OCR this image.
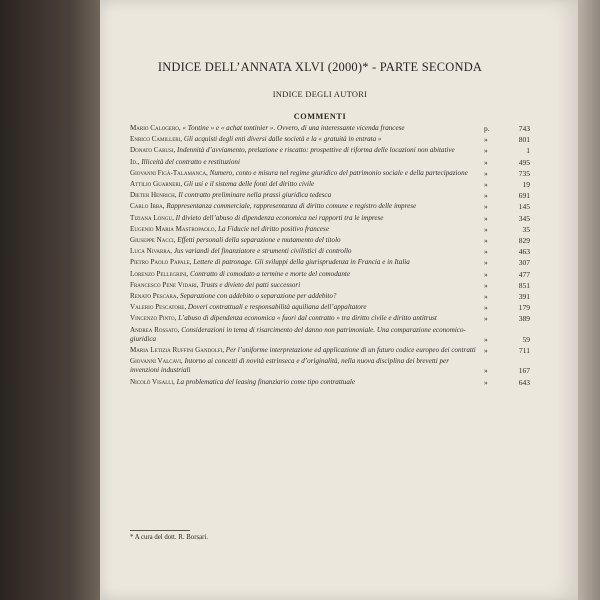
INDICE DELL’ANNATA XLVI (2000)* - PARTE SECONDA
INDICE DEGLI AUTORI
COMMENTI
Mario Calogero, « Tontine » e « achat tontinier ». Ovvero, di una interessante vicenda francese	p.	743
Enrico Camilleri, Gli acquisti degli enti diversi dalle società e la « gratuità in entrata »	»	801
Donato Carusi, Indennità d’avviamento, prelazione e riscatto: prospettive di riforma delle locazioni non abitative	»	1
Id., Illiceità del contratto e restituzioni	»	495
Giovanni Figà-Talamanca, Numero, conto e misura nel regime giuridico del patrimonio sociale e della partecipazione	»	735
Attilio Guarneri, Gli usi e il sistema delle fonti del diritto civile	»	19
Dieter Henrich, Il contratto preliminare nella prassi giuridica tedesca	»	691
Carlo Ibba, Rappresentanza commerciale, rappresentanza di diritto comune e registro delle imprese	»	145
Tiziana Longu, Il divieto dell’abuso di dipendenza economica nei rapporti tra le imprese	»	345
Eugenio Maria Mastropaolo, La Fiducie nel diritto positivo francese	»	35
Giuseppe Nacci, Effetti personali della separazione e mutamento del titolo	»	829
Luca Nivarra, Jus variandi del finanziatore e strumenti civilistici di controllo	»	463
Pietro Paolo Papale, Lettere di patronage. Gli sviluppi della giurisprudenza in Francia e in Italia	»	307
Lorenzo Pellegrini, Contratto di comodato a termine e morte del comodante	»	477
Francesco Pene Vidari, Trusts e divieto dei patti successori	»	851
Renato Pescara, Separazione con addebito o separazione per addebito?	»	391
Valerio Pescatore, Doveri contrattuali e responsabilità aquiliana dell’appaltatore	»	179
Vincenzo Pinto, L’abuso di dipendenza economica « fuori dal contratto » tra diritto civile e diritto antitrust	»	389
Andrea Rossato, Considerazioni in tema di risarcimento del danno non patrimoniale. Una comparazione economico-giuridica	»	59
Maria Letizia Ruffini Gandolfi, Per l’uniforme interpretazione ed applicazione di un futuro codice europeo dei contratti »	711
Giovanni Valcavi, Intorno ai concetti di novità estrinseca e d’originalità, nella nuova disciplina dei brevetti per invenzioni industriali	»	167
Nicolò Visalli, La problematica del leasing finanziario come tipo contrattuale	»	643
* A cura del dott. R. Borsari.
